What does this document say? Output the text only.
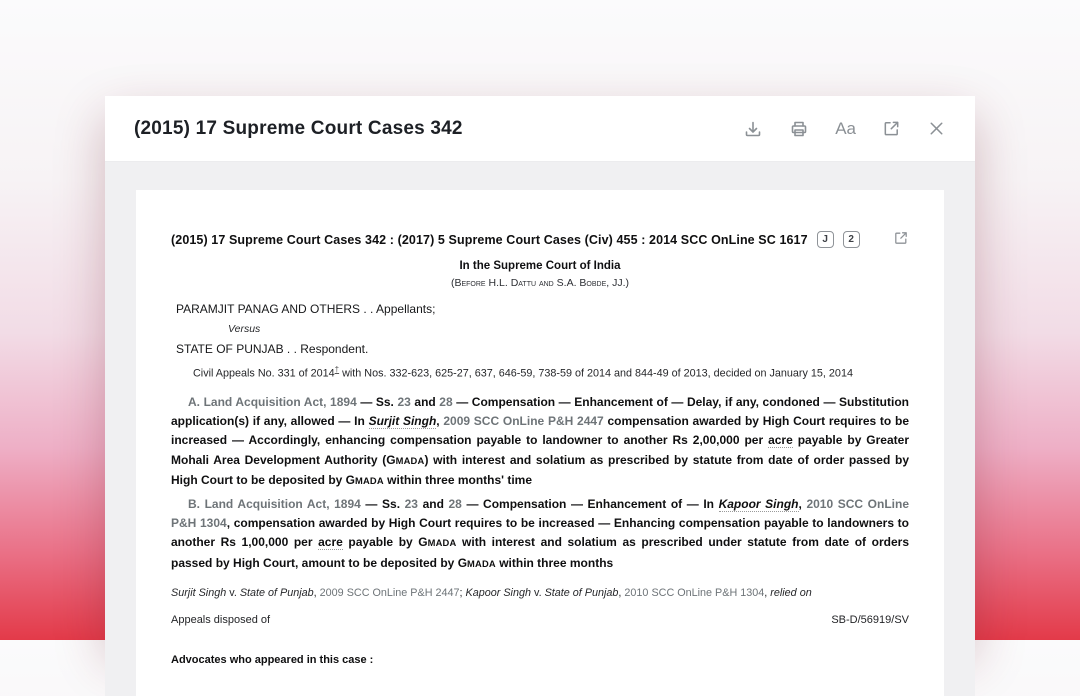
(2015) 17 Supreme Court Cases 342	Aa
(2015) 17 Supreme Court Cases 342 : (2017) 5 Supreme Court Cases (Civ) 455 : 2014 SCC OnLine SC 1617	J	2
In the Supreme Court of India
(Before H.L. Dattu and S.A. Bobde, JJ.)
PARAMJIT PANAG AND OTHERS . . Appellants;
Versus
STATE OF PUNJAB . . Respondent.
Civil Appeals No. 331 of 2014† with Nos. 332-623, 625-27, 637, 646-59, 738-59 of 2014 and 844-49 of 2013, decided on January 15, 2014

A. Land Acquisition Act, 1894 — Ss. 23 and 28 — Compensation — Enhancement of — Delay, if any, condoned — Substitution application(s) if any, allowed — In Surjit Singh, 2009 SCC OnLine P&H 2447 compensation awarded by High Court requires to be increased — Accordingly, enhancing compensation payable to landowner to another Rs 2,00,000 per acre payable by Greater Mohali Area Development Authority (GMADA) with interest and solatium as prescribed by statute from date of order passed by High Court to be deposited by GMADA within three months' time

B. Land Acquisition Act, 1894 — Ss. 23 and 28 — Compensation — Enhancement of — In Kapoor Singh, 2010 SCC OnLine P&H 1304, compensation awarded by High Court requires to be increased — Enhancing compensation payable to landowners to another Rs 1,00,000 per acre payable by GMADA with interest and solatium as prescribed under statute from date of orders passed by High Court, amount to be deposited by GMADA within three months

Surjit Singh v. State of Punjab, 2009 SCC OnLine P&H 2447; Kapoor Singh v. State of Punjab, 2010 SCC OnLine P&H 1304, relied on
Appeals disposed of	SB-D/56919/SV
Advocates who appeared in this case :
